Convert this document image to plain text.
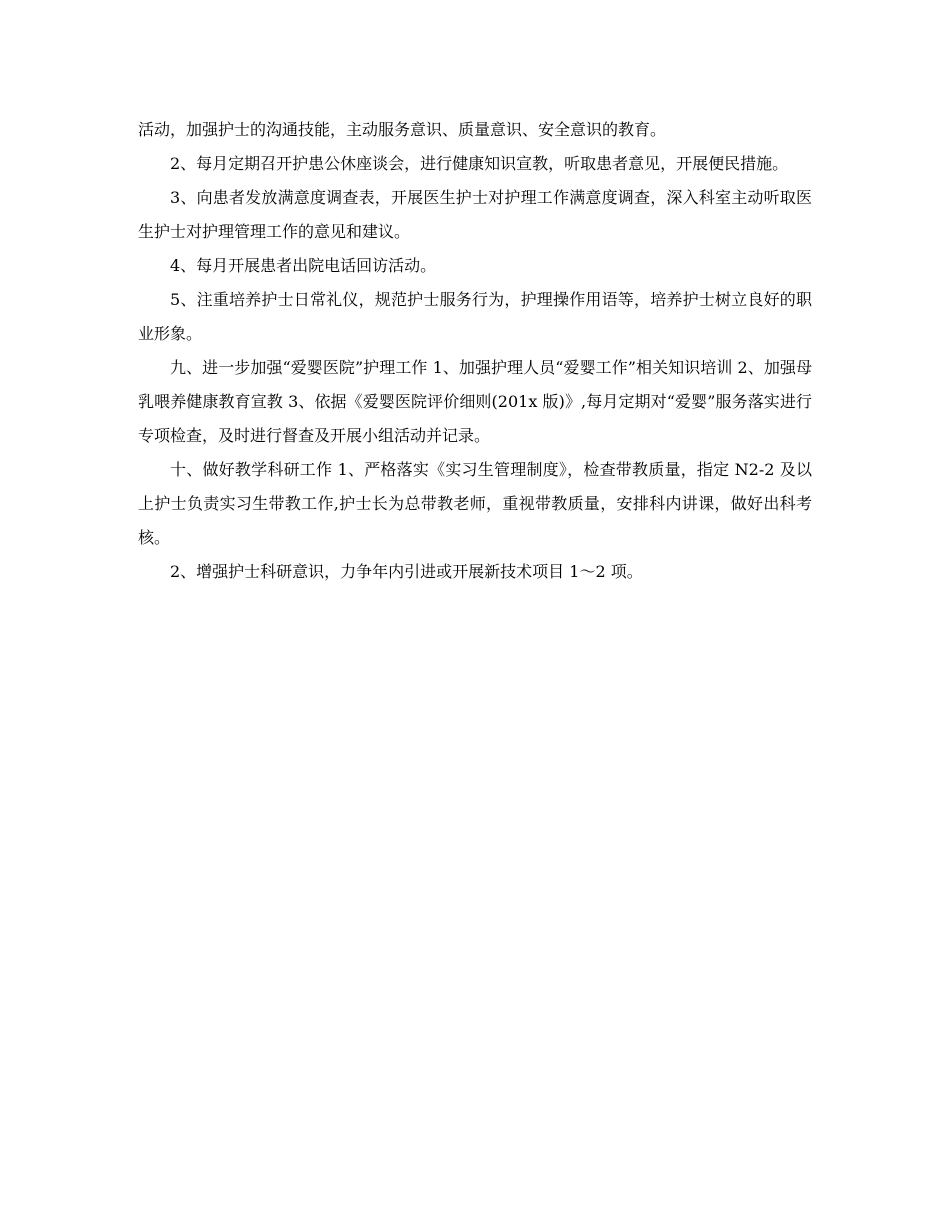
活动，加强护士的沟通技能，主动服务意识、质量意识、安全意识的教育。

2、每月定期召开护患公休座谈会，进行健康知识宣教，听取患者意见，开展便民措施。

3、向患者发放满意度调查表，开展医生护士对护理工作满意度调查，深入科室主动听取医生护士对护理管理工作的意见和建议。

4、每月开展患者出院电话回访活动。

5、注重培养护士日常礼仪，规范护士服务行为，护理操作用语等，培养护士树立良好的职业形象。

九、进一步加强“爱婴医院”护理工作 1、加强护理人员“爱婴工作”相关知识培训 2、加强母乳喂养健康教育宣教 3、依据《爱婴医院评价细则(201x 版)》,每月定期对“爱婴”服务落实进行专项检查，及时进行督查及开展小组活动并记录。

十、做好教学科研工作 1、严格落实《实习生管理制度》，检查带教质量，指定 N2-2 及以上护士负责实习生带教工作,护士长为总带教老师，重视带教质量，安排科内讲课，做好出科考核。

2、增强护士科研意识，力争年内引进或开展新技术项目 1～2 项。
